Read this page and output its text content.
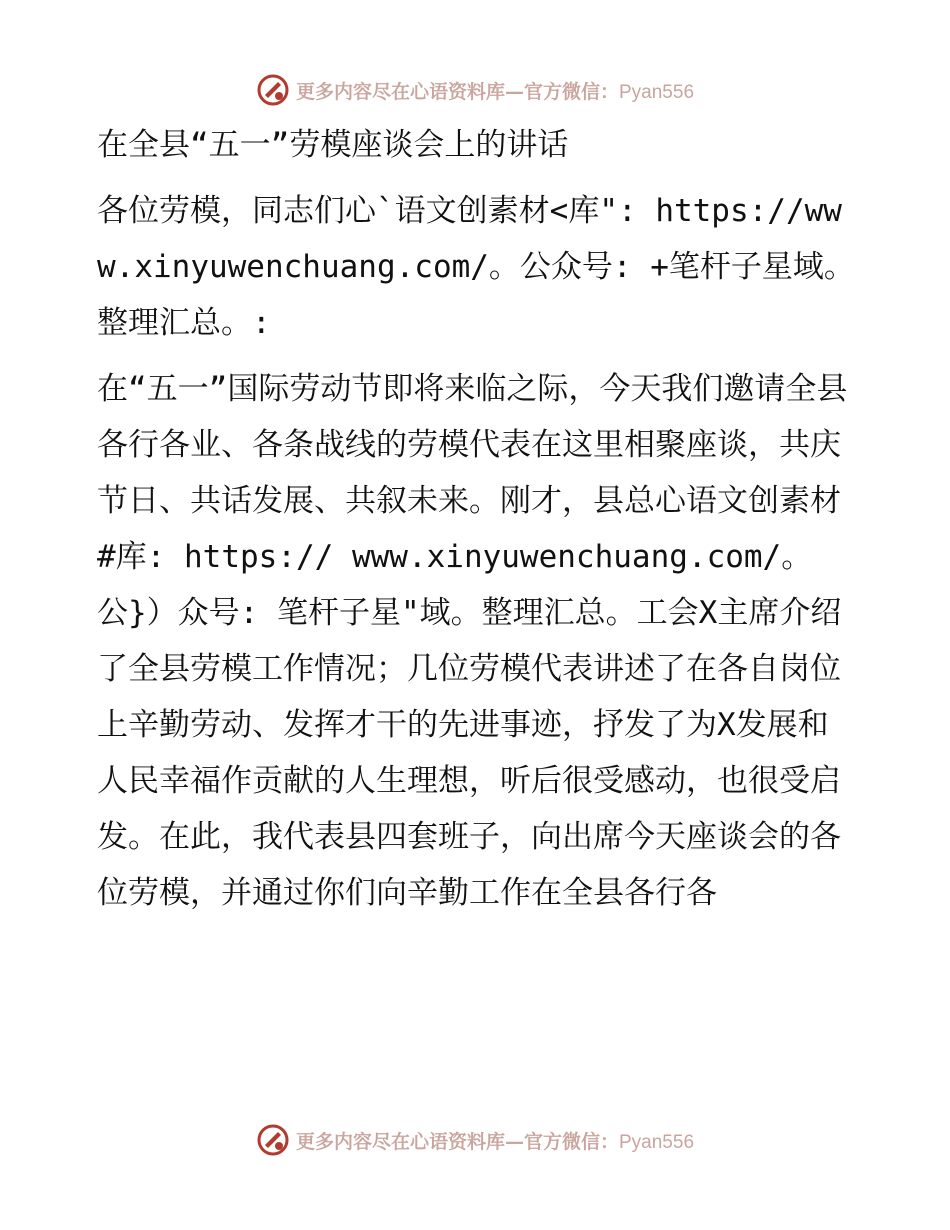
更多内容尽在心语资料库—官方微信：Pyan556

在全县“五一”劳模座谈会上的讲话

各位劳模，同志们心`语文创素材<库": https://www.xinyuwenchuang.com/。公众号: +笔杆子星域。整理汇总。:

在“五一”国际劳动节即将来临之际，今天我们邀请全县各行各业、各条战线的劳模代表在这里相聚座谈，共庆节日、共话发展、共叙未来。刚才，县总心语文创素材#库: https:// www.xinyuwenchuang.com/。公}）众号: 笔杆子星"域。整理汇总。工会X主席介绍了全县劳模工作情况；几位劳模代表讲述了在各自岗位上辛勤劳动、发挥才干的先进事迹，抒发了为X发展和人民幸福作贡献的人生理想，听后很受感动，也很受启发。在此，我代表县四套班子，向出席今天座谈会的各位劳模，并通过你们向辛勤工作在全县各行各

更多内容尽在心语资料库—官方微信：Pyan556
